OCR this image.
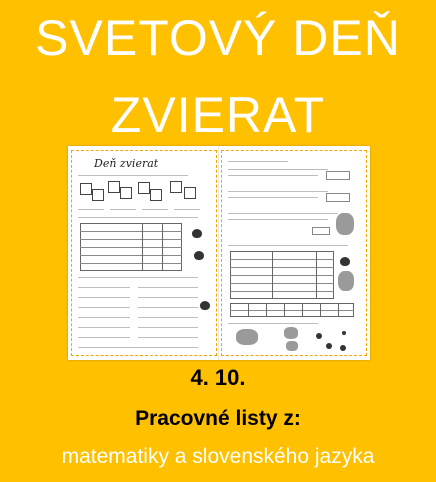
SVETOVÝ DEŇ
ZVIERAT
Deň zvierat
4. 10.
Pracovné listy z:
matematiky a slovenského jazyka
